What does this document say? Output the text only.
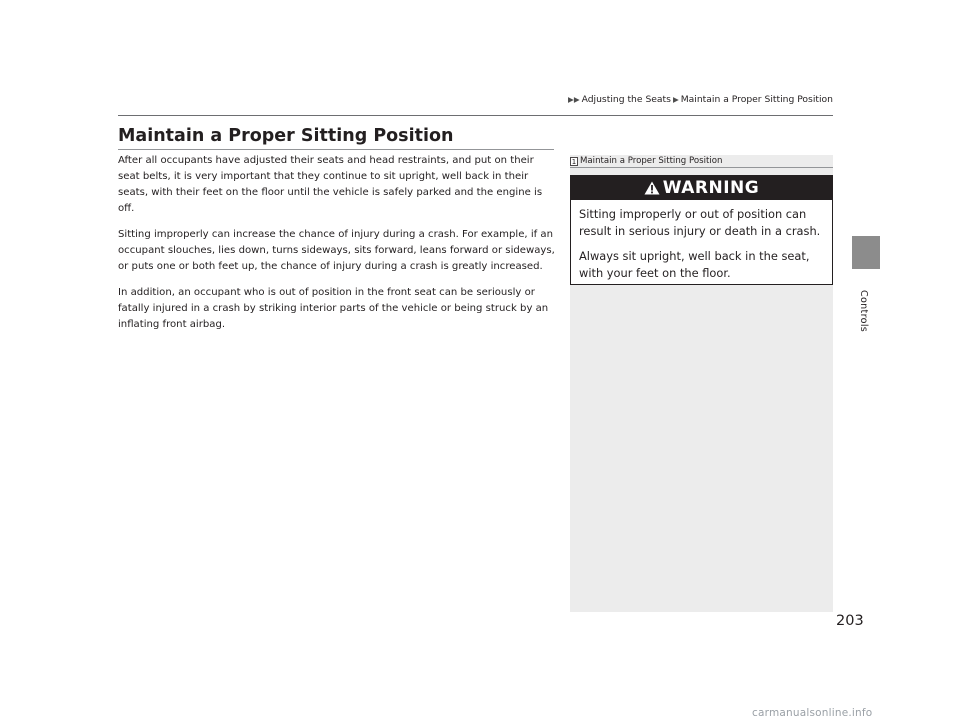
▶▶ Adjusting the Seats ▶ Maintain a Proper Sitting Position
Maintain a Proper Sitting Position

After all occupants have adjusted their seats and head restraints, and put on their seat belts, it is very important that they continue to sit upright, well back in their seats, with their feet on the floor until the vehicle is safely parked and the engine is off.

Sitting improperly can increase the chance of injury during a crash. For example, if an occupant slouches, lies down, turns sideways, sits forward, leans forward or sideways, or puts one or both feet up, the chance of injury during a crash is greatly increased.

In addition, an occupant who is out of position in the front seat can be seriously or fatally injured in a crash by striking interior parts of the vehicle or being struck by an inflating front airbag.

1 Maintain a Proper Sitting Position
WARNING

Sitting improperly or out of position can result in serious injury or death in a crash.

Always sit upright, well back in the seat, with your feet on the floor.

Controls
203
carmanualsonline.info
